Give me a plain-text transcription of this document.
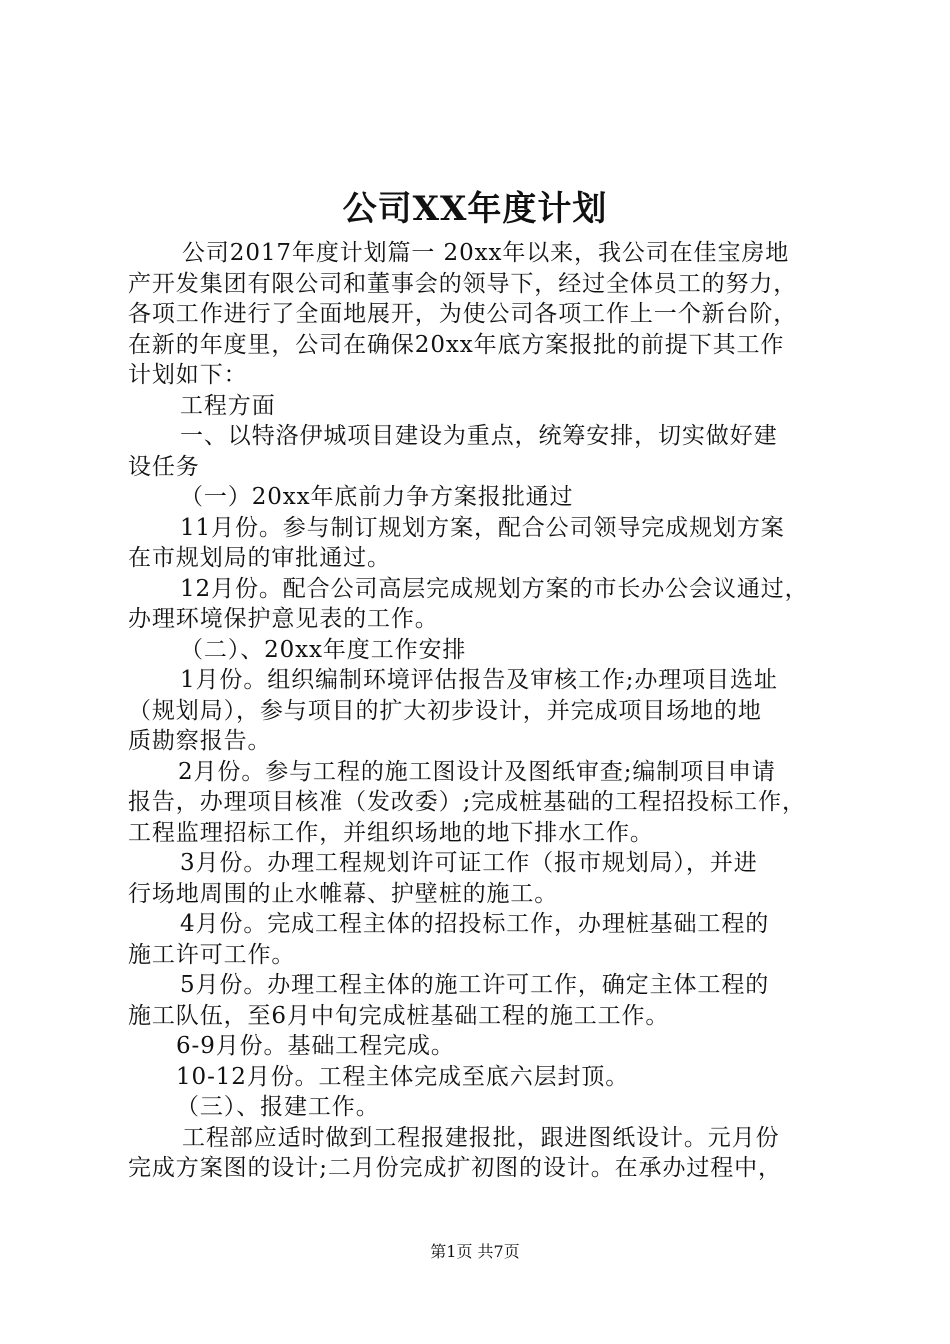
公司XX年度计划
公司2017年度计划篇一 20xx年以来，我公司在佳宝房地
产开发集团有限公司和董事会的领导下，经过全体员工的努力，
各项工作进行了全面地展开，为使公司各项工作上一个新台阶，
在新的年度里，公司在确保20xx年底方案报批的前提下其工作
计划如下：
工程方面
一、以特洛伊城项目建设为重点，统筹安排，切实做好建
设任务
（一）20xx年底前力争方案报批通过
11月份。参与制订规划方案，配合公司领导完成规划方案
在市规划局的审批通过。
12月份。配合公司高层完成规划方案的市长办公会议通过，
办理环境保护意见表的工作。
（二）、20xx年度工作安排
1月份。组织编制环境评估报告及审核工作;办理项目选址
（规划局），参与项目的扩大初步设计，并完成项目场地的地
质勘察报告。
2月份。参与工程的施工图设计及图纸审查;编制项目申请
报告，办理项目核准（发改委）;完成桩基础的工程招投标工作，
工程监理招标工作，并组织场地的地下排水工作。
3月份。办理工程规划许可证工作（报市规划局），并进
行场地周围的止水帷幕、护壁桩的施工。
4月份。完成工程主体的招投标工作，办理桩基础工程的
施工许可工作。
5月份。办理工程主体的施工许可工作，确定主体工程的
施工队伍，至6月中旬完成桩基础工程的施工工作。
6-9月份。基础工程完成。
10-12月份。工程主体完成至底六层封顶。
（三）、报建工作。
工程部应适时做到工程报建报批，跟进图纸设计。元月份
完成方案图的设计;二月份完成扩初图的设计。在承办过程中，
第1页 共7页
